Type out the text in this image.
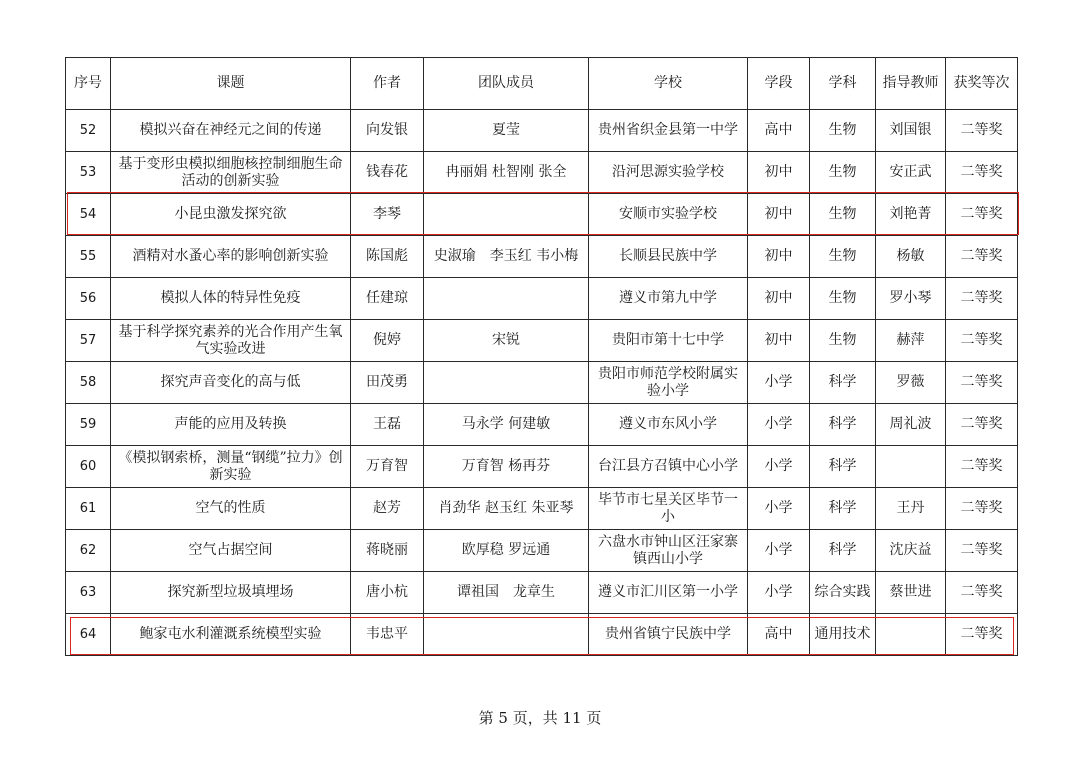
序号	课题	作者	团队成员	学校	学段	学科	指导教师	获奖等次
52	模拟兴奋在神经元之间的传递	向发银	夏莹	贵州省织金县第一中学	高中	生物	刘国银	二等奖
53	基于变形虫模拟细胞核控制细胞生命活动的创新实验	钱春花	冉丽娟 杜智刚 张全	沿河思源实验学校	初中	生物	安正武	二等奖
54	小昆虫激发探究欲	李琴		安顺市实验学校	初中	生物	刘艳菁	二等奖
55	酒精对水蚤心率的影响创新实验	陈国彪	史淑瑜　李玉红 韦小梅	长顺县民族中学	初中	生物	杨敏	二等奖
56	模拟人体的特异性免疫	任建琼		遵义市第九中学	初中	生物	罗小琴	二等奖
57	基于科学探究素养的光合作用产生氧气实验改进	倪婷	宋锐	贵阳市第十七中学	初中	生物	赫萍	二等奖
58	探究声音变化的高与低	田茂勇		贵阳市师范学校附属实验小学	小学	科学	罗薇	二等奖
59	声能的应用及转换	王磊	马永学 何建敏	遵义市东风小学	小学	科学	周礼波	二等奖
60	《模拟钢索桥，测量“钢缆”拉力》创新实验	万育智	万育智 杨再芬	台江县方召镇中心小学	小学	科学		二等奖
61	空气的性质	赵芳	肖劲华 赵玉红 朱亚琴	毕节市七星关区毕节一小	小学	科学	王丹	二等奖
62	空气占据空间	蒋晓丽	欧厚稳 罗远通	六盘水市钟山区汪家寨镇西山小学	小学	科学	沈庆益	二等奖
63	探究新型垃圾填埋场	唐小杭	谭祖国　龙章生	遵义市汇川区第一小学	小学	综合实践	蔡世进	二等奖
64	鲍家屯水利灌溉系统模型实验	韦忠平		贵州省镇宁民族中学	高中	通用技术		二等奖
第 5 页，共 11 页
